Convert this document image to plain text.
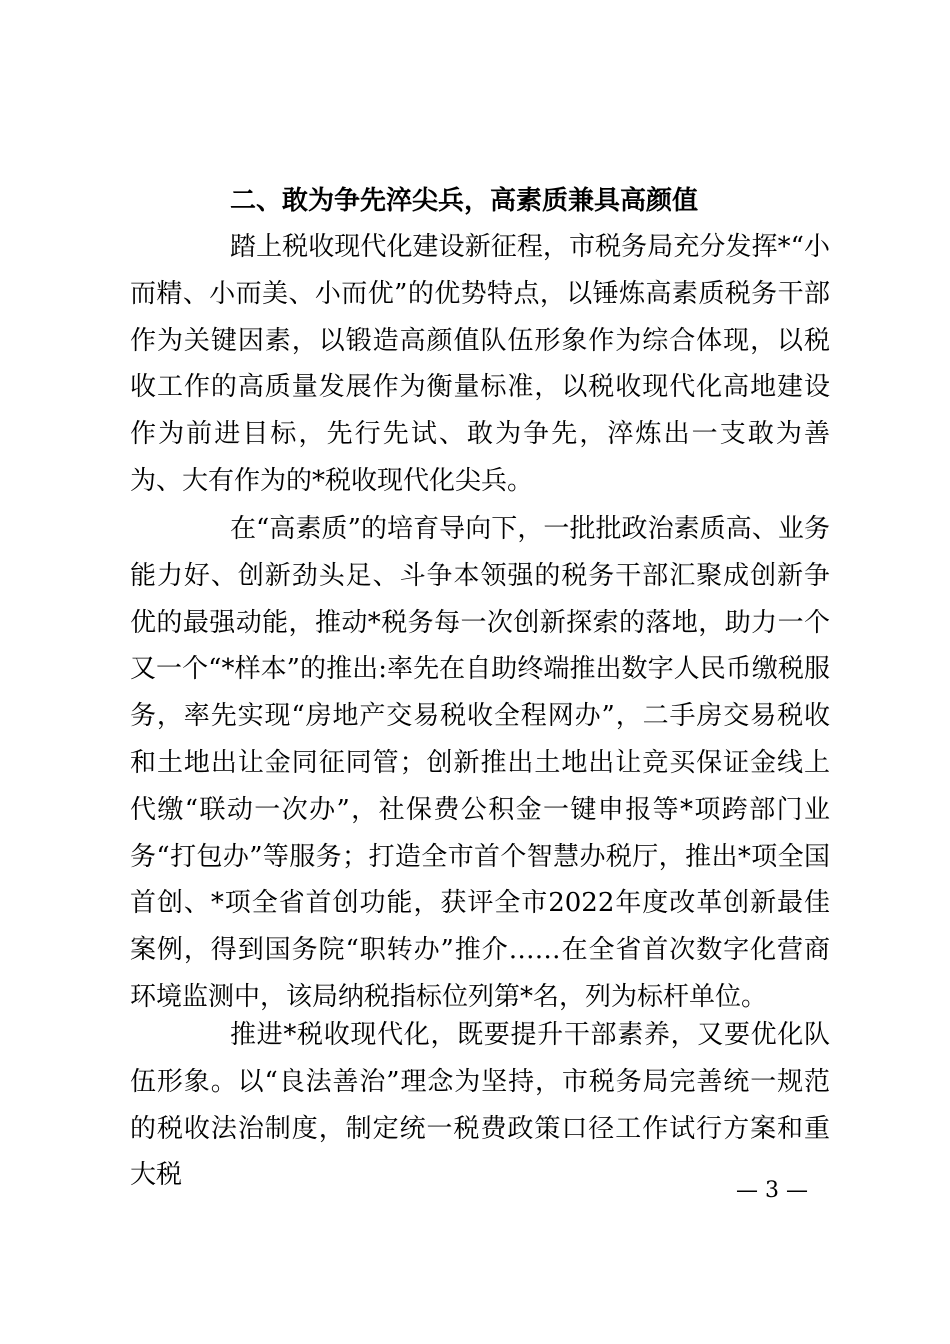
二、敢为争先淬尖兵，高素质兼具高颜值

踏上税收现代化建设新征程，市税务局充分发挥*“小而精、小而美、小而优”的优势特点，以锤炼高素质税务干部作为关键因素，以锻造高颜值队伍形象作为综合体现，以税收工作的高质量发展作为衡量标准，以税收现代化高地建设作为前进目标，先行先试、敢为争先，淬炼出一支敢为善为、大有作为的*税收现代化尖兵。

在“高素质”的培育导向下，一批批政治素质高、业务能力好、创新劲头足、斗争本领强的税务干部汇聚成创新争优的最强动能，推动*税务每一次创新探索的落地，助力一个又一个“*样本”的推出:率先在自助终端推出数字人民币缴税服务，率先实现“房地产交易税收全程网办”，二手房交易税收和土地出让金同征同管；创新推出土地出让竞买保证金线上代缴“联动一次办”，社保费公积金一键申报等*项跨部门业务“打包办”等服务；打造全市首个智慧办税厅，推出*项全国首创、*项全省首创功能，获评全市2022年度改革创新最佳案例，得到国务院“职转办”推介……在全省首次数字化营商环境监测中，该局纳税指标位列第*名，列为标杆单位。

推进*税收现代化，既要提升干部素养，又要优化队伍形象。以“良法善治”理念为坚持，市税务局完善统一规范的税收法治制度，制定统一税费政策口径工作试行方案和重大税

— 3 —
